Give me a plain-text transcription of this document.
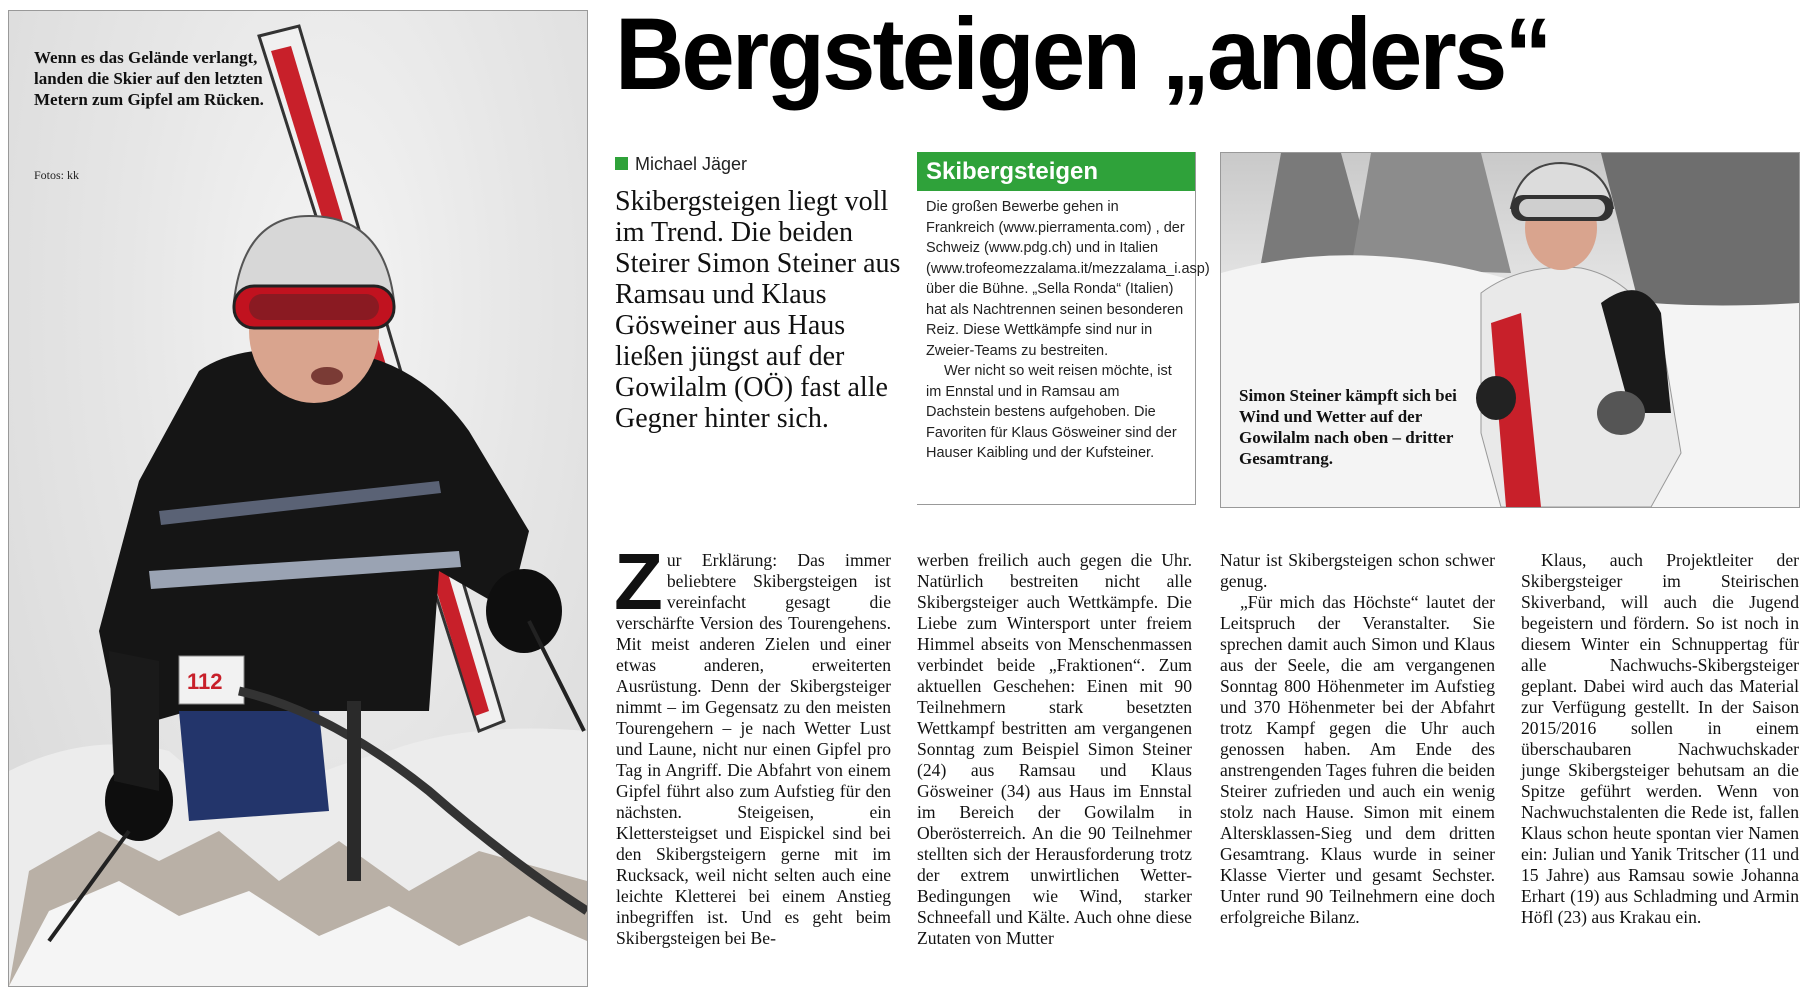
Wenn es das Gelände verlangt, landen die Skier auf den letzten Metern zum Gipfel am Rücken.
Fotos: kk
112
Bergsteigen „anders“
Michael Jäger
Skibergsteigen liegt voll im Trend. Die beiden Steirer Simon Steiner aus Ramsau und Klaus Gösweiner aus Haus ließen jüngst auf der Gowilalm (OÖ) fast alle Gegner hinter sich.
Skibergsteigen

Die großen Bewerbe gehen in Frankreich (www.pierramenta.com) , der Schweiz (www.pdg.ch) und in Italien (www.trofeomezzalama.it/mezzalama_i.asp) über die Bühne. „Sella Ronda“ (Italien) hat als Nachtrennen seinen besonderen Reiz. Diese Wettkämpfe sind nur in Zweier-Teams zu bestreiten.

Wer nicht so weit reisen möchte, ist im Ennstal und in Ramsau am Dachstein bestens aufgehoben. Die Favoriten für Klaus Gösweiner sind der Hauser Kaibling und der Kufsteiner.

Simon Steiner kämpft sich bei Wind und Wetter auf der Gowilalm nach oben – dritter Gesamtrang.

Zur Erklärung: Das immer beliebtere Skibergsteigen ist vereinfacht gesagt die verschärfte Version des Tourengehens. Mit meist anderen Zielen und einer etwas anderen, erweiterten Ausrüstung. Denn der Skibergsteiger nimmt – im Gegensatz zu den meisten Tourengehern – je nach Wetter Lust und Laune, nicht nur einen Gipfel pro Tag in Angriff. Die Abfahrt von einem Gipfel führt also zum Aufstieg für den nächsten. Steigeisen, ein Klettersteigset und Eispickel sind bei den Skibergsteigern gerne mit im Rucksack, weil nicht selten auch eine leichte Kletterei bei einem Anstieg inbegriffen ist. Und es geht beim Skibergsteigen bei Be-

werben freilich auch gegen die Uhr. Natürlich bestreiten nicht alle Skibergsteiger auch Wettkämpfe. Die Liebe zum Wintersport unter freiem Himmel abseits von Menschenmassen verbindet beide „Fraktionen“. Zum aktuellen Geschehen: Einen mit 90 Teilnehmern stark besetzten Wettkampf bestritten am vergangenen Sonntag zum Beispiel Simon Steiner (24) aus Ramsau und Klaus Gösweiner (34) aus Haus im Ennstal im Bereich der Gowilalm in Oberösterreich. An die 90 Teilnehmer stellten sich der Herausforderung trotz der extrem unwirtlichen Wetter-Bedingungen wie Wind, starker Schneefall und Kälte. Auch ohne diese Zutaten von Mutter

Natur ist Skibergsteigen schon schwer genug.

„Für mich das Höchste“ lautet der Leitspruch der Veranstalter. Sie sprechen damit auch Simon und Klaus aus der Seele, die am vergangenen Sonntag 800 Höhenmeter im Aufstieg und 370 Höhenmeter bei der Abfahrt trotz Kampf gegen die Uhr auch genossen haben. Am Ende des anstrengenden Tages fuhren die beiden Steirer zufrieden und auch ein wenig stolz nach Hause. Simon mit einem Altersklassen-Sieg und dem dritten Gesamtrang. Klaus wurde in seiner Klasse Vierter und gesamt Sechster. Unter rund 90 Teilnehmern eine doch erfolgreiche Bilanz.

Klaus, auch Projektleiter der Skibergsteiger im Steirischen Skiverband, will auch die Jugend begeistern und fördern. So ist noch in diesem Winter ein Schnuppertag für alle Nachwuchs-Skibergsteiger geplant. Dabei wird auch das Material zur Verfügung gestellt. In der Saison 2015/2016 sollen in einem überschaubaren Nachwuchskader junge Skibergsteiger behutsam an die Spitze geführt werden. Wenn von Nachwuchstalenten die Rede ist, fallen Klaus schon heute spontan vier Namen ein: Julian und Yanik Tritscher (11 und 15 Jahre) aus Ramsau sowie Johanna Erhart (19) aus Schladming und Armin Höfl (23) aus Krakau ein.
